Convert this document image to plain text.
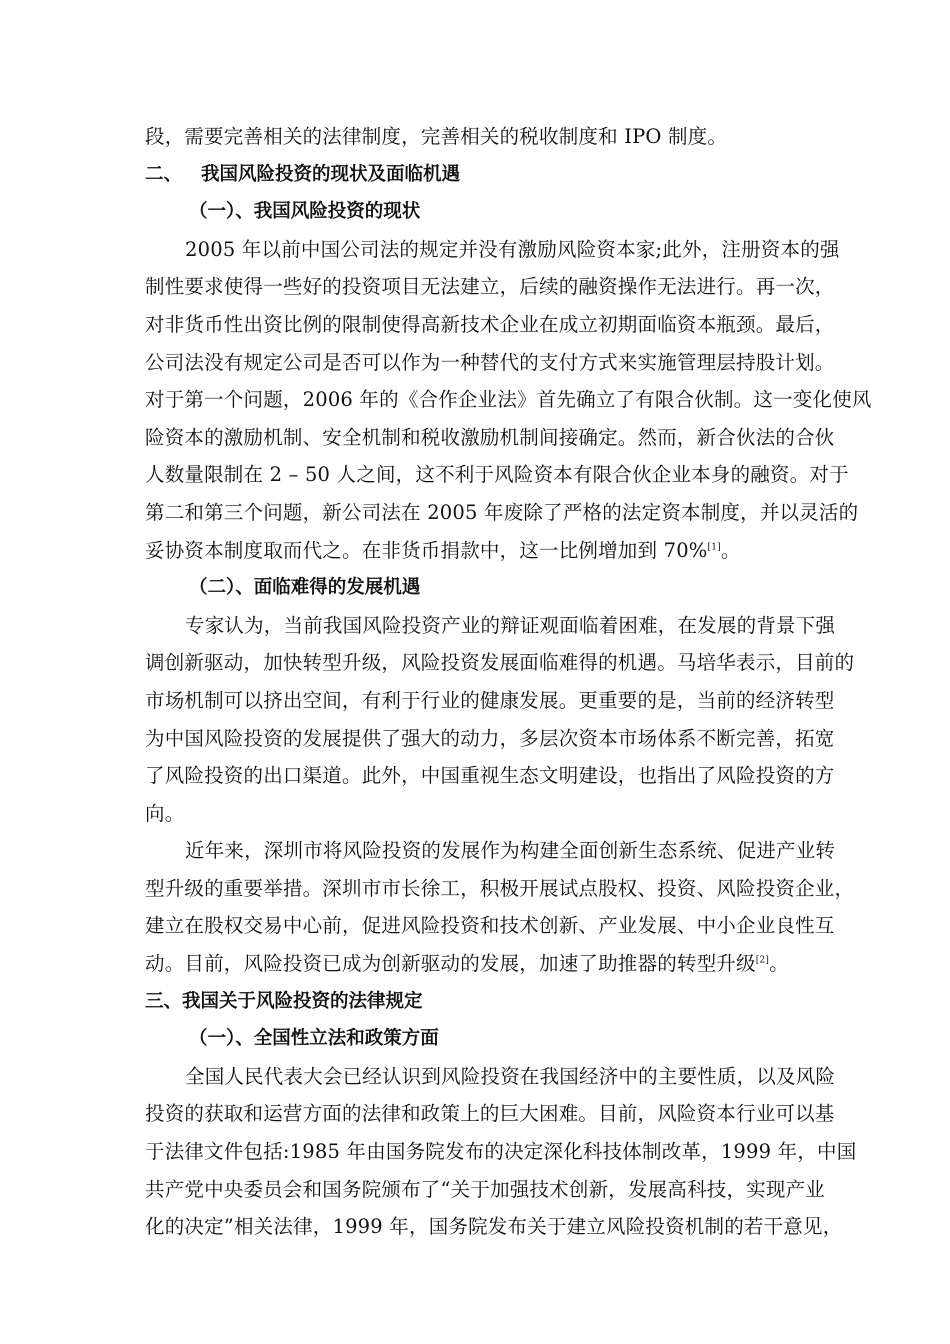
段，需要完善相关的法律制度，完善相关的税收制度和 IPO 制度。
二、 我国风险投资的现状及面临机遇
（一）、我国风险投资的现状
2005 年以前中国公司法的规定并没有激励风险资本家;此外，注册资本的强
制性要求使得一些好的投资项目无法建立，后续的融资操作无法进行。再一次，
对非货币性出资比例的限制使得高新技术企业在成立初期面临资本瓶颈。最后，
公司法没有规定公司是否可以作为一种替代的支付方式来实施管理层持股计划。
对于第一个问题，2006 年的《合作企业法》首先确立了有限合伙制。这一变化使风
险资本的激励机制、安全机制和税收激励机制间接确定。然而，新合伙法的合伙
人数量限制在 2 – 50 人之间，这不利于风险资本有限合伙企业本身的融资。对于
第二和第三个问题，新公司法在 2005 年废除了严格的法定资本制度，并以灵活的
妥协资本制度取而代之。在非货币捐款中，这一比例增加到 70%[1]。
（二）、面临难得的发展机遇
专家认为，当前我国风险投资产业的辩证观面临着困难，在发展的背景下强
调创新驱动，加快转型升级，风险投资发展面临难得的机遇。马培华表示，目前的
市场机制可以挤出空间，有利于行业的健康发展。更重要的是，当前的经济转型
为中国风险投资的发展提供了强大的动力，多层次资本市场体系不断完善，拓宽
了风险投资的出口渠道。此外，中国重视生态文明建设，也指出了风险投资的方
向。
近年来，深圳市将风险投资的发展作为构建全面创新生态系统、促进产业转
型升级的重要举措。深圳市市长徐工，积极开展试点股权、投资、风险投资企业，
建立在股权交易中心前，促进风险投资和技术创新、产业发展、中小企业良性互
动。目前，风险投资已成为创新驱动的发展，加速了助推器的转型升级[2]。
三、我国关于风险投资的法律规定
（一）、全国性立法和政策方面
全国人民代表大会已经认识到风险投资在我国经济中的主要性质，以及风险
投资的获取和运营方面的法律和政策上的巨大困难。目前，风险资本行业可以基
于法律文件包括:1985 年由国务院发布的决定深化科技体制改革，1999 年，中国
共产党中央委员会和国务院颁布了“关于加强技术创新，发展高科技，实现产业
化的决定”相关法律，1999 年，国务院发布关于建立风险投资机制的若干意见，
